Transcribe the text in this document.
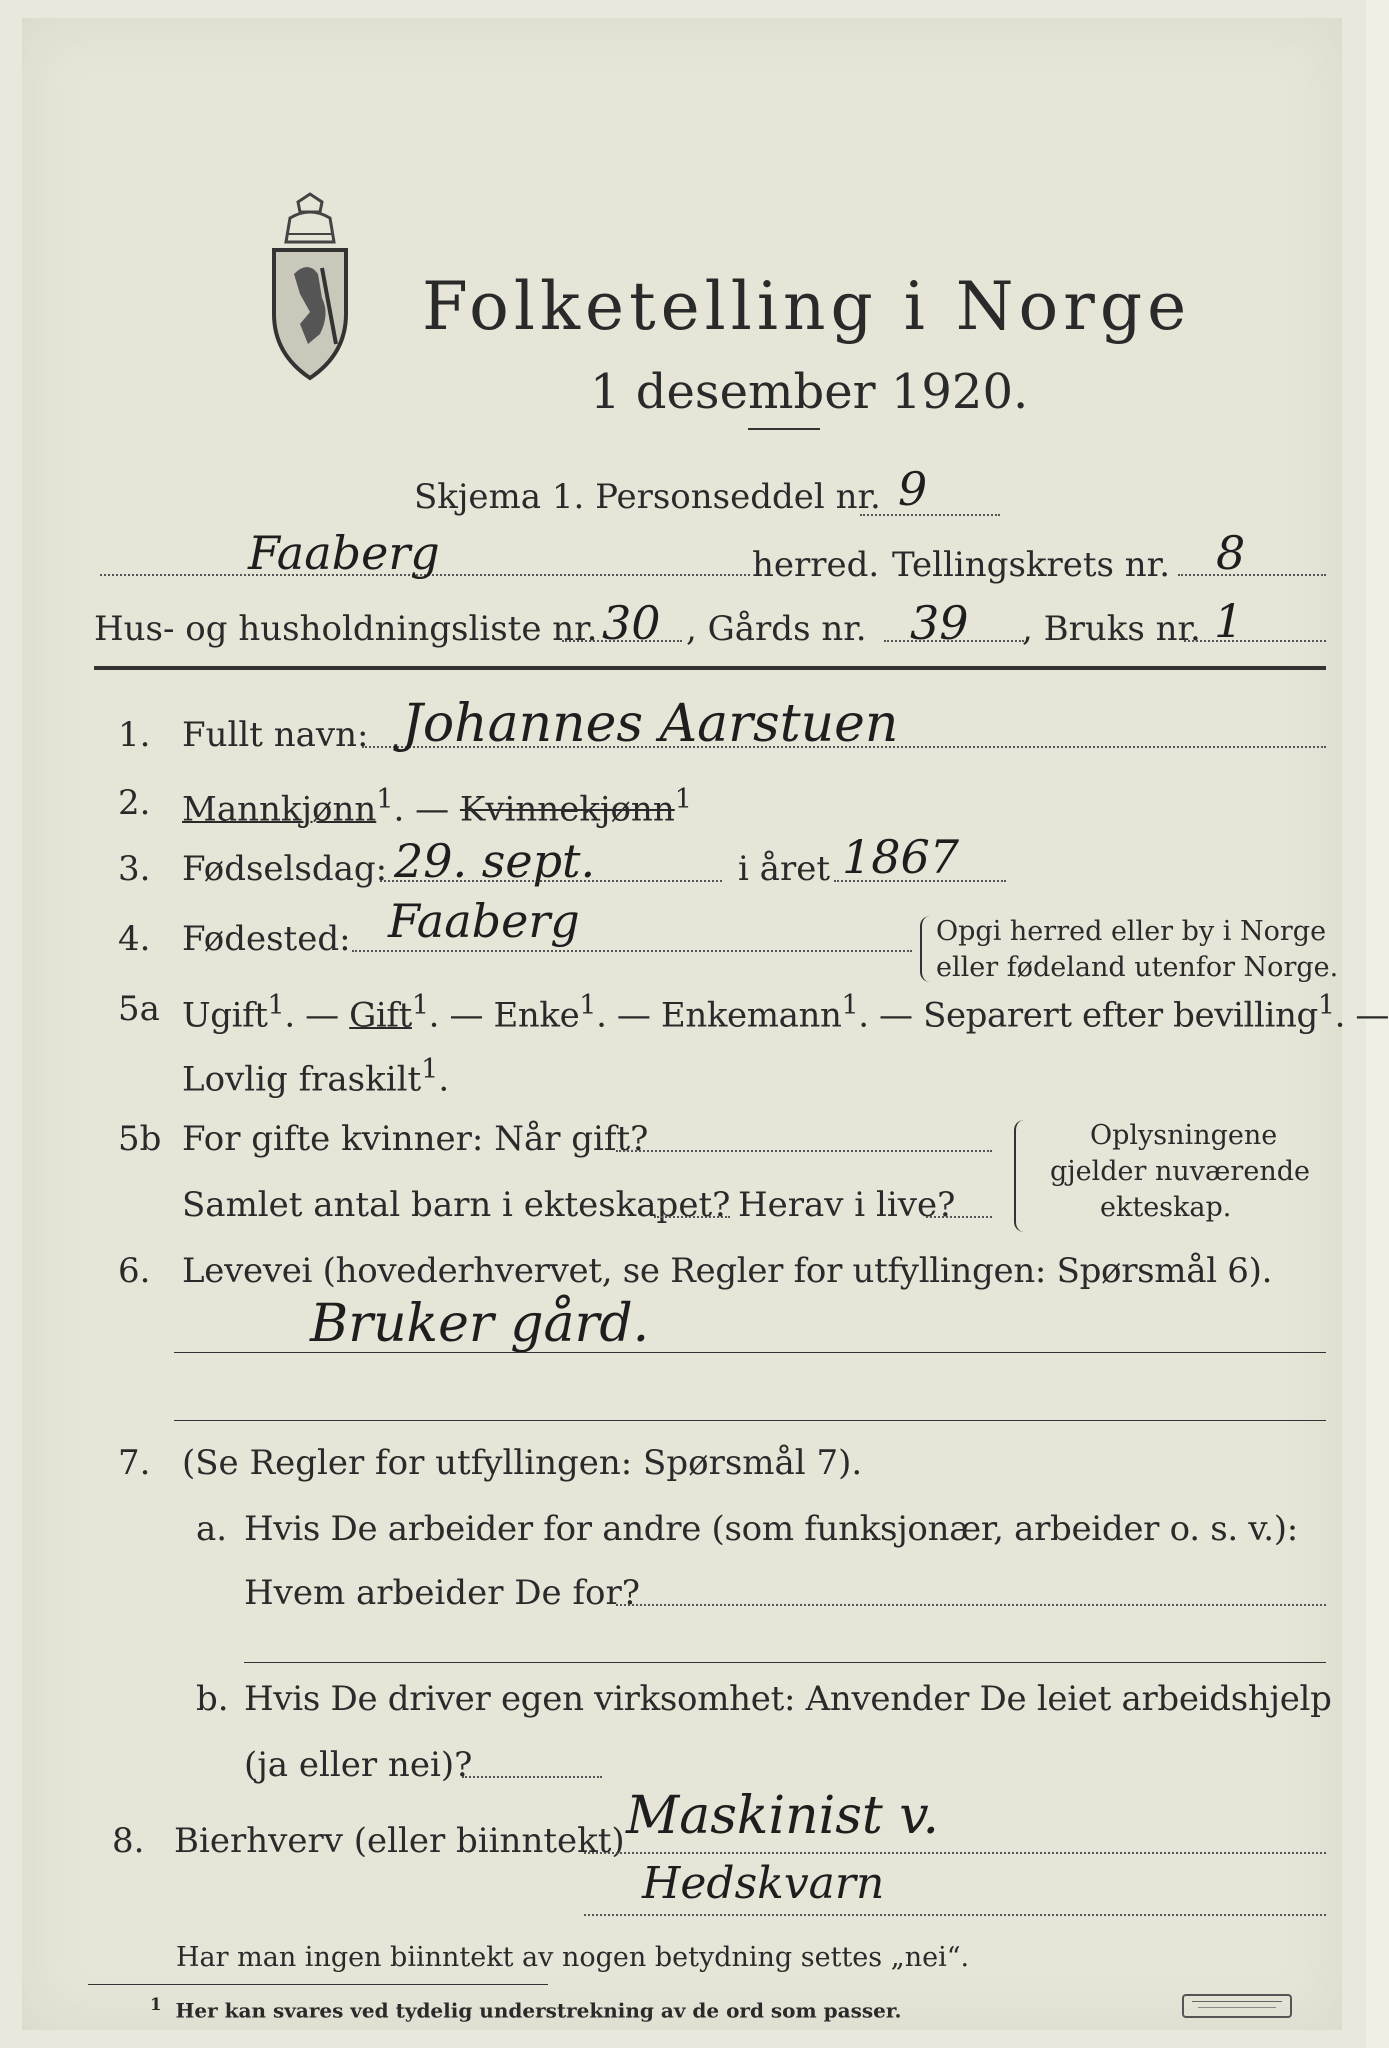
Folketelling i Norge
1 desember 1920.
Skjema 1. Personseddel nr. 9
Faaberg	herred. Tellingskrets nr. 8
Hus- og husholdningsliste nr. 30 , Gårds nr. 39 , Bruks nr. 1
1. Fullt navn: Johannes Aarstuen
2. Mannkjønn$^1$. — Kvinnekjønn$^1$
3. Fødselsdag: 29. sept.	i året 1867
4. Fødested: Faaberg	Opgi herred eller by i Norge
eller fødeland utenfor Norge.
5a Ugift$^1$. — Gift$^1$. — Enke$^1$. — Enkemann$^1$. — Separert efter bevilling$^1$. —
Lovlig fraskilt$^1$.
5b For gifte kvinner: Når gift?
Samlet antal barn i ekteskapet? Herav i live?
Oplysningene
gjelder nuværende
ekteskap.
6. Levevei (hovederhvervet, se Regler for utfyllingen: Spørsmål 6).
Bruker gård.
7. (Se Regler for utfyllingen: Spørsmål 7).
a. Hvis De arbeider for andre (som funksjonær, arbeider o. s. v.):
Hvem arbeider De for?
b. Hvis De driver egen virksomhet: Anvender De leiet arbeidshjelp
(ja eller nei)?
8. Bierhverv (eller biinntekt) Maskinist v.
Hedskvarn
Har man ingen biinntekt av nogen betydning settes „nei“.
$^1$ Her kan svares ved tydelig understrekning av de ord som passer.
